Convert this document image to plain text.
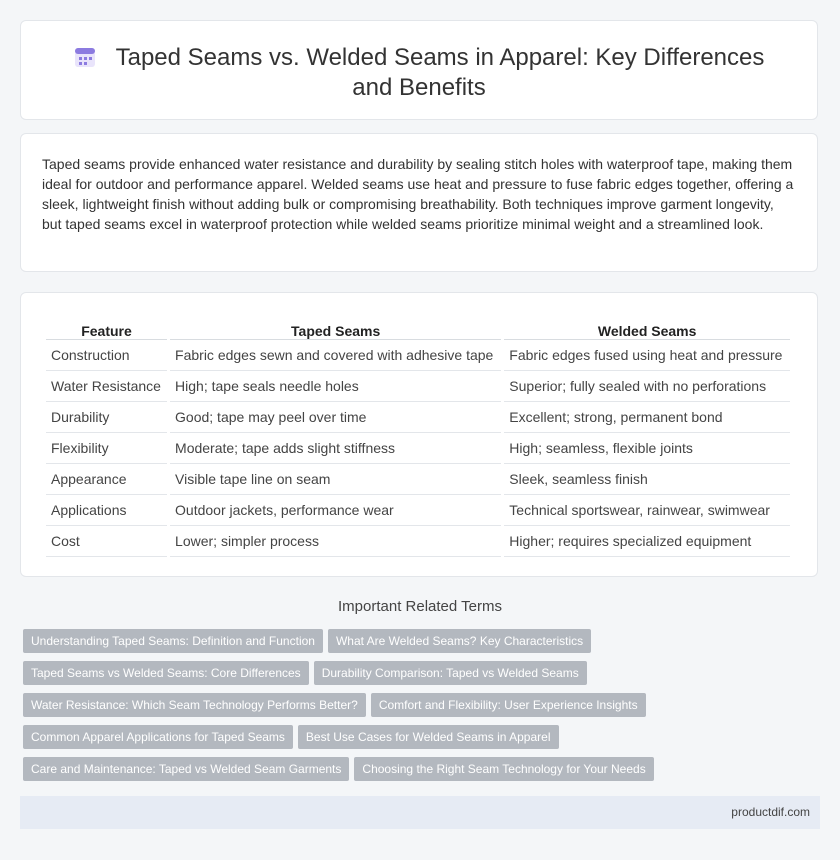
Taped Seams vs. Welded Seams in Apparel: Key Differences and Benefits

Taped seams provide enhanced water resistance and durability by sealing stitch holes with waterproof tape, making them ideal for outdoor and performance apparel. Welded seams use heat and pressure to fuse fabric edges together, offering a sleek, lightweight finish without adding bulk or compromising breathability. Both techniques improve garment longevity, but taped seams excel in waterproof protection while welded seams prioritize minimal weight and a streamlined look.

Feature	Taped Seams	Welded Seams
Construction	Fabric edges sewn and covered with adhesive tape	Fabric edges fused using heat and pressure
Water Resistance	High; tape seals needle holes	Superior; fully sealed with no perforations
Durability	Good; tape may peel over time	Excellent; strong, permanent bond
Flexibility	Moderate; tape adds slight stiffness	High; seamless, flexible joints
Appearance	Visible tape line on seam	Sleek, seamless finish
Applications	Outdoor jackets, performance wear	Technical sportswear, rainwear, swimwear
Cost	Lower; simpler process	Higher; requires specialized equipment
Important Related Terms
Understanding Taped Seams: Definition and Function What Are Welded Seams? Key Characteristics
Taped Seams vs Welded Seams: Core Differences Durability Comparison: Taped vs Welded Seams
Water Resistance: Which Seam Technology Performs Better? Comfort and Flexibility: User Experience Insights
Common Apparel Applications for Taped Seams Best Use Cases for Welded Seams in Apparel
Care and Maintenance: Taped vs Welded Seam Garments Choosing the Right Seam Technology for Your Needs
productdif.com
